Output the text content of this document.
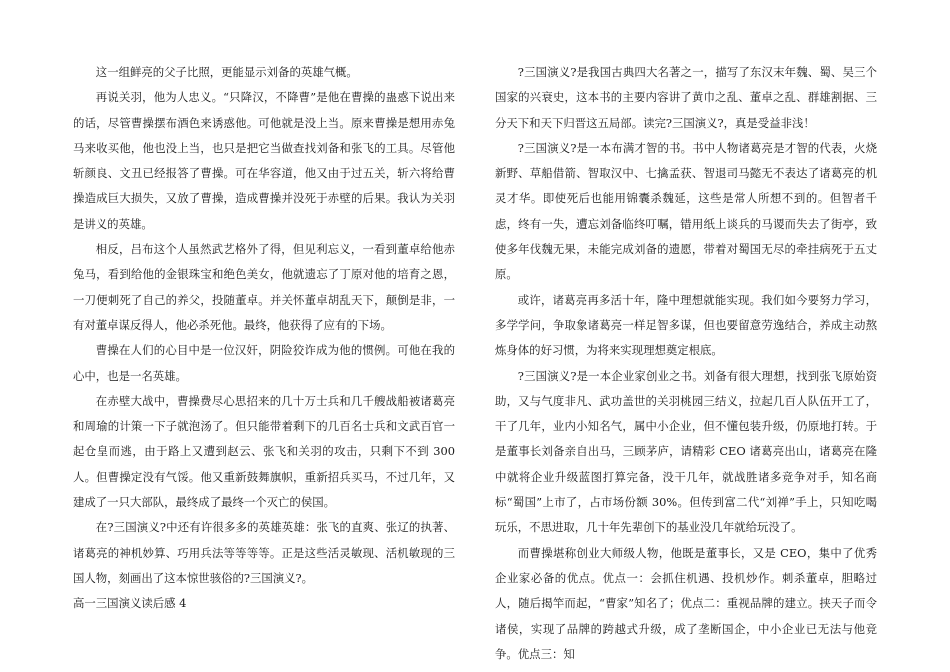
这一组鲜亮的父子比照，更能显示刘备的英雄气概。

再说关羽，他为人忠义。“只降汉，不降曹”是他在曹操的蛊惑下说出来的话，尽管曹操摆布酒色来诱惑他。可他就是没上当。原来曹操是想用赤兔马来收买他，他也没上当，也只是把它当做查找刘备和张飞的工具。尽管他斩颜良、文丑已经报答了曹操。可在华容道，他又由于过五关，斩六将给曹操造成巨大损失，又放了曹操，造成曹操并没死于赤壁的后果。我认为关羽是讲义的英雄。

相反，吕布这个人虽然武艺格外了得，但见利忘义，一看到董卓给他赤兔马，看到给他的金银珠宝和绝色美女，他就遗忘了丁原对他的培育之恩，一刀便刺死了自己的养父，投随董卓。并关怀董卓胡乱天下，颠倒是非，一有对董卓谋反得人，他必杀死他。最终，他获得了应有的下场。

曹操在人们的心目中是一位汉奸，阴险狡诈成为他的惯例。可他在我的心中，也是一名英雄。

在赤壁大战中，曹操费尽心思招来的几十万士兵和几千艘战船被诸葛亮和周瑜的计策一下子就泡汤了。但只能带着剩下的几百名士兵和文武百官一起仓皇而逃，由于路上又遭到赵云、张飞和关羽的攻击，只剩下不到 300 人。但曹操定没有气馁。他又重新鼓舞旗帜，重新招兵买马，不过几年，又建成了一只大部队，最终成了最终一个灭亡的侯国。

在?三国演义?中还有许很多多的英雄英雄：张飞的直爽、张辽的执著、诸葛亮的神机妙算、巧用兵法等等等等。正是这些活灵敏现、活机敏现的三国人物，刻画出了这本惊世骇俗的?三国演义?。

高一三国演义读后感 4

?三国演义?是我国古典四大名著之一，描写了东汉末年魏、蜀、吴三个国家的兴衰史，这本书的主要内容讲了黄巾之乱、董卓之乱、群雄割据、三分天下和天下归晋这五局部。读完?三国演义?，真是受益非浅！

?三国演义?是一本布满才智的书。书中人物诸葛亮是才智的代表，火烧新野、草船借箭、智取汉中、七擒孟获、智退司马懿无不表达了诸葛亮的机灵才华。即使死后也能用锦囊杀魏延，这些是常人所想不到的。但智者千虑，终有一失，遭忘刘备临终叮嘱，错用纸上谈兵的马谡而失去了街亭，致使多年伐魏无果，未能完成刘备的遗愿，带着对蜀国无尽的牵挂病死于五丈原。

或许，诸葛亮再多活十年，隆中理想就能实现。我们如今要努力学习，多学学问，争取象诸葛亮一样足智多谋，但也要留意劳逸结合，养成主动熬炼身体的好习惯，为将来实现理想奠定根底。

?三国演义?是一本企业家创业之书。刘备有很大理想，找到张飞原始资助，又与气度非凡、武功盖世的关羽桃园三结义，拉起几百人队伍开工了，干了几年，业内小知名气，属中小企业，但不懂包装升级，仍原地打转。于是董事长刘备亲自出马，三顾茅庐，请精彩 CEO 诸葛亮出山，诸葛亮在隆中就将企业升级蓝图打算完备，没干几年，就战胜诸多竞争对手，知名商标“蜀国”上市了，占市场份额 30%。但传到富二代“刘禅”手上，只知吃喝玩乐，不思进取，几十年先辈创下的基业没几年就给玩没了。

而曹操堪称创业大师级人物，他既是董事长，又是 CEO，集中了优秀企业家必备的优点。优点一：会抓住机遇、投机炒作。刺杀董卓，胆略过人，随后揭竿而起，“曹家”知名了；优点二：重视品牌的建立。挟天子而令诸侯，实现了品牌的跨越式升级，成了垄断国企，中小企业已无法与他竞争。优点三：知
